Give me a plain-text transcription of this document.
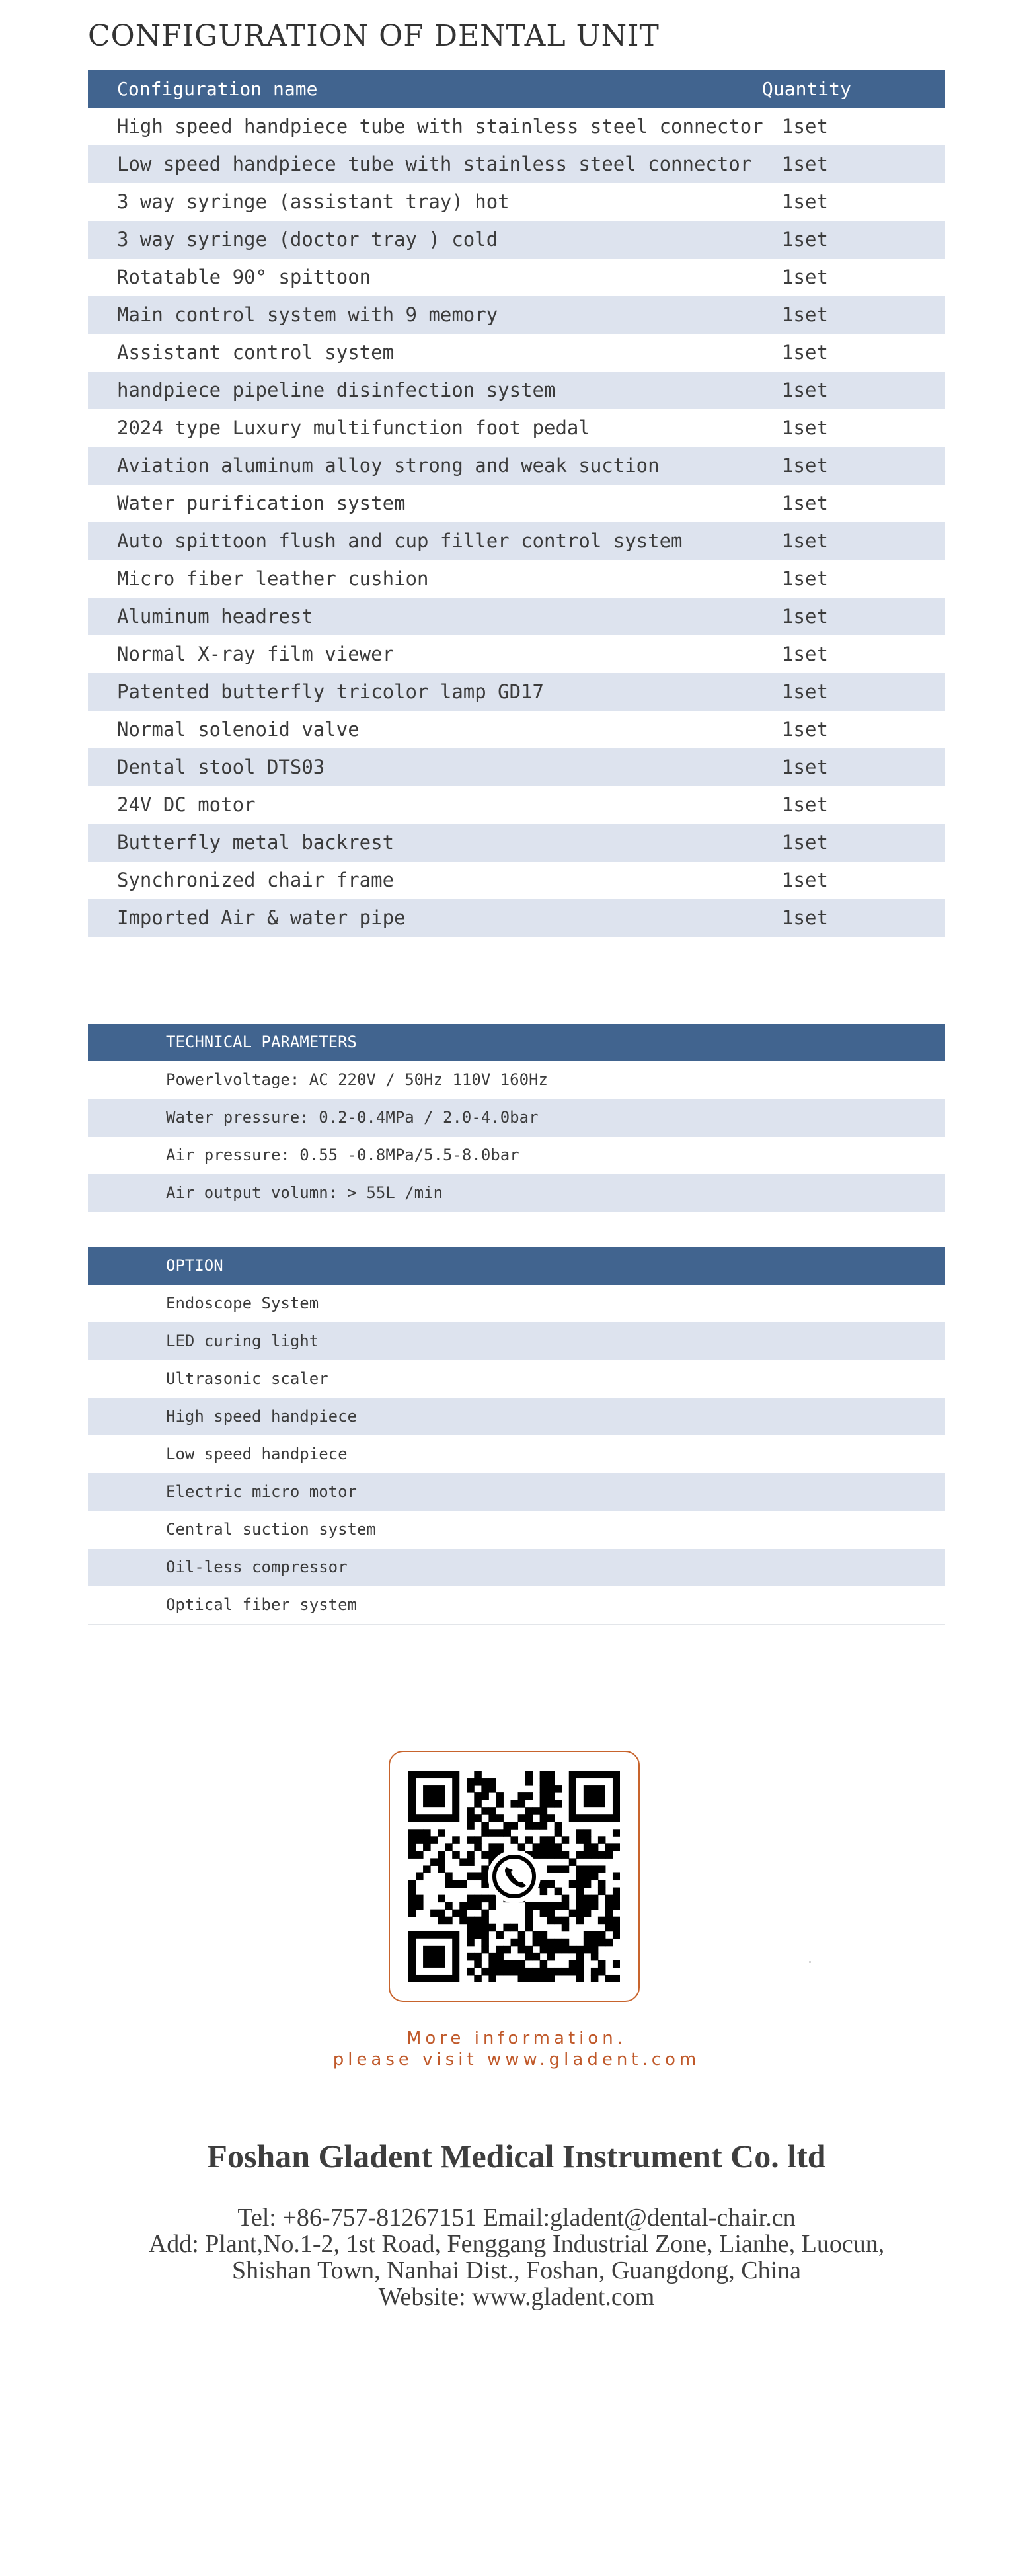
CONFIGURATION OF DENTAL UNIT
Configuration name	Quantity
High speed handpiece tube with stainless steel connector 1set
Low speed handpiece tube with stainless steel connector	1set
3 way syringe (assistant tray) hot	1set
3 way syringe (doctor tray ) cold	1set
Rotatable 90° spittoon	1set
Main control system with 9 memory	1set
Assistant control system	1set
handpiece pipeline disinfection system	1set
2024 type Luxury multifunction foot pedal	1set
Aviation aluminum alloy strong and weak suction	1set
Water purification system	1set
Auto spittoon flush and cup filler control system	1set
Micro fiber leather cushion	1set
Aluminum headrest	1set
Normal X-ray film viewer	1set
Patented butterfly tricolor lamp GD17	1set
Normal solenoid valve	1set
Dental stool DTS03	1set
24V DC motor	1set
Butterfly metal backrest	1set
Synchronized chair frame	1set
Imported Air & water pipe	1set
TECHNICAL PARAMETERS
Powerlvoltage: AC 220V / 50Hz 110V 160Hz
Water pressure: 0.2-0.4MPa / 2.0-4.0bar
Air pressure: 0.55 -0.8MPa/5.5-8.0bar
Air output volumn: > 55L /min
OPTION
Endoscope System
LED curing light
Ultrasonic scaler
High speed handpiece
Low speed handpiece
Electric micro motor
Central suction system
Oil-less compressor
Optical fiber system
More information.
please visit www.gladent.com
Foshan Gladent Medical Instrument Co. ltd
Tel: +86-757-81267151 Email:gladent@dental-chair.cn
Add: Plant,No.1-2, 1st Road, Fenggang Industrial Zone, Lianhe, Luocun,
Shishan Town, Nanhai Dist., Foshan, Guangdong, China
Website: www.gladent.com
